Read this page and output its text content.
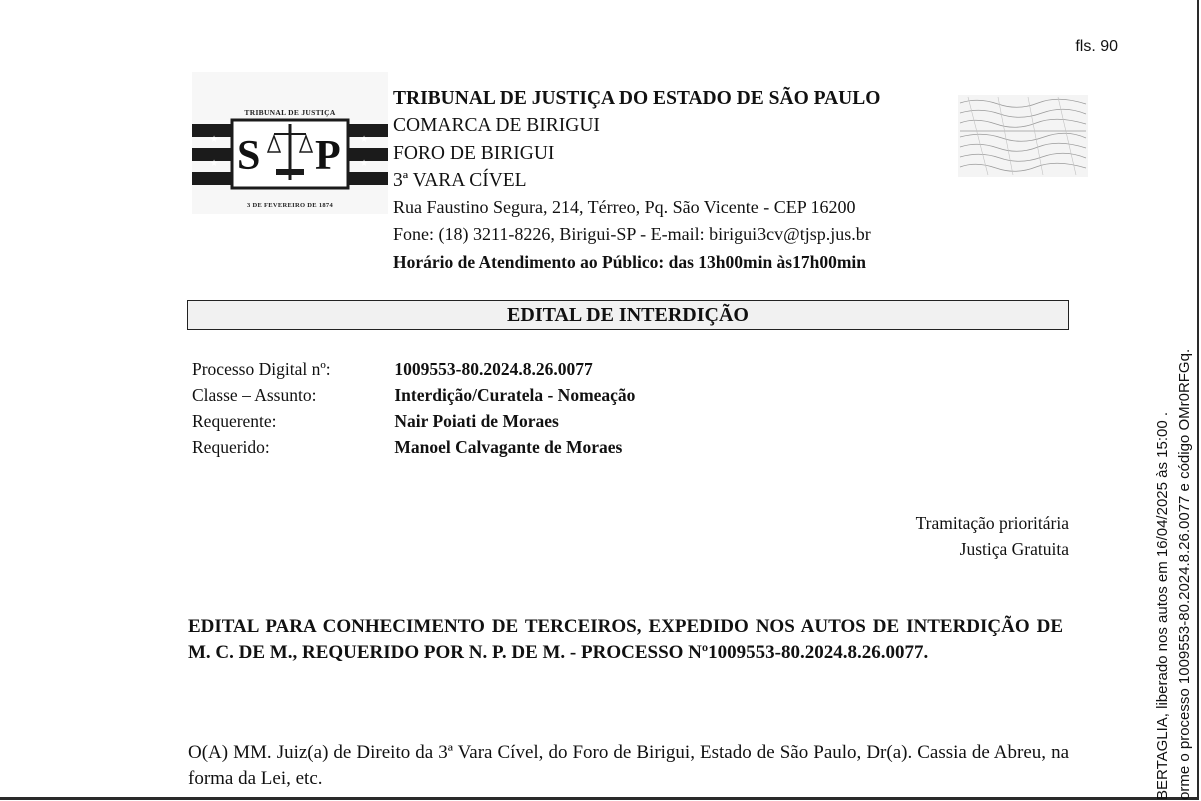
fls. 90
★	★
★	★
TRIBUNAL DE JUSTIÇA
S P
3 DE FEVEREIRO DE 1874
TRIBUNAL DE JUSTIÇA DO ESTADO DE SÃO PAULO
COMARCA DE BIRIGUI
FORO DE BIRIGUI
3ª VARA CÍVEL
Rua Faustino Segura, 214, Térreo, Pq. São Vicente - CEP 16200
Fone: (18) 3211-8226, Birigui-SP - E-mail: birigui3cv@tjsp.jus.br
Horário de Atendimento ao Público: das 13h00min às17h00min
EDITAL DE INTERDIÇÃO
Processo Digital nº:	1009553-80.2024.8.26.0077
Classe – Assunto:	Interdição/Curatela - Nomeação
Requerente:	Nair Poiati de Moraes
Requerido:	Manoel Calvagante de Moraes
Tramitação prioritária
Justiça Gratuita
EDITAL PARA CONHECIMENTO DE TERCEIROS, EXPEDIDO NOS AUTOS DE INTERDIÇÃO DE M. C. DE M., REQUERIDO POR N. P. DE M. - PROCESSO Nº1009553-80.2024.8.26.0077.
O(A) MM. Juiz(a) de Direito da 3ª Vara Cível, do Foro de Birigui, Estado de São Paulo, Dr(a). Cassia de Abreu, na forma da Lei, etc.	BERTAGLIA, liberado nos autos em 16/04/2025 às 15:00 . orme o processo 1009553-80.2024.8.26.0077 e código OMr0RFGq.
